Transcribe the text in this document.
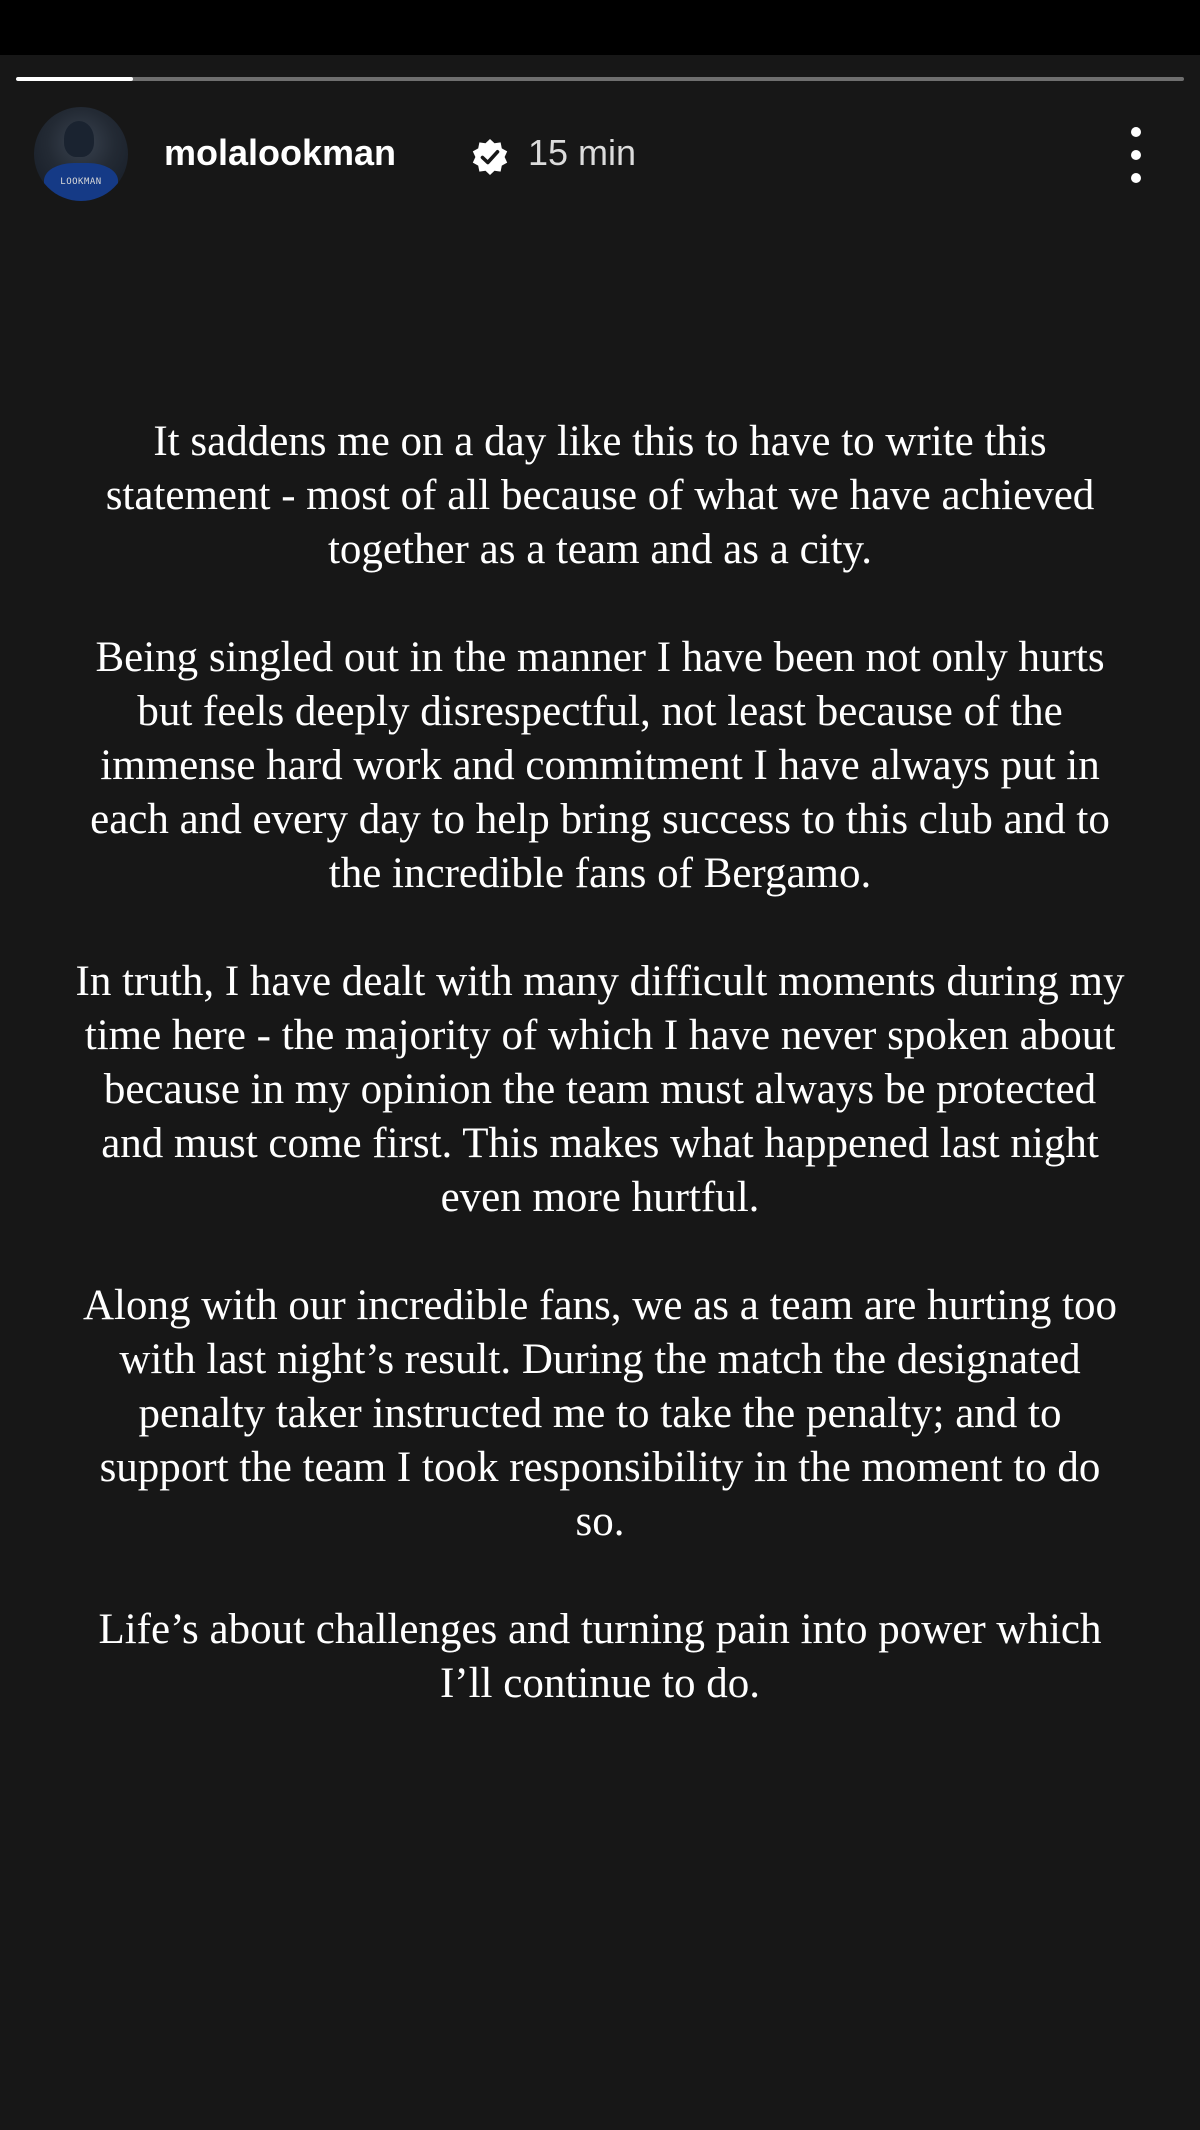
LOOKMAN
molalookman	15 min

It saddens me on a day like this to have to write this statement - most of all because of what we have achieved together as a team and as a city.

Being singled out in the manner I have been not only hurts but feels deeply disrespectful, not least because of the immense hard work and commitment I have always put in each and every day to help bring success to this club and to the incredible fans of Bergamo.

In truth, I have dealt with many difficult moments during my time here - the majority of which I have never spoken about because in my opinion the team must always be protected and must come first. This makes what happened last night even more hurtful.

Along with our incredible fans, we as a team are hurting too with last night’s result. During the match the designated penalty taker instructed me to take the penalty; and to support the team I took responsibility in the moment to do so.

Life’s about challenges and turning pain into power which I’ll continue to do.
